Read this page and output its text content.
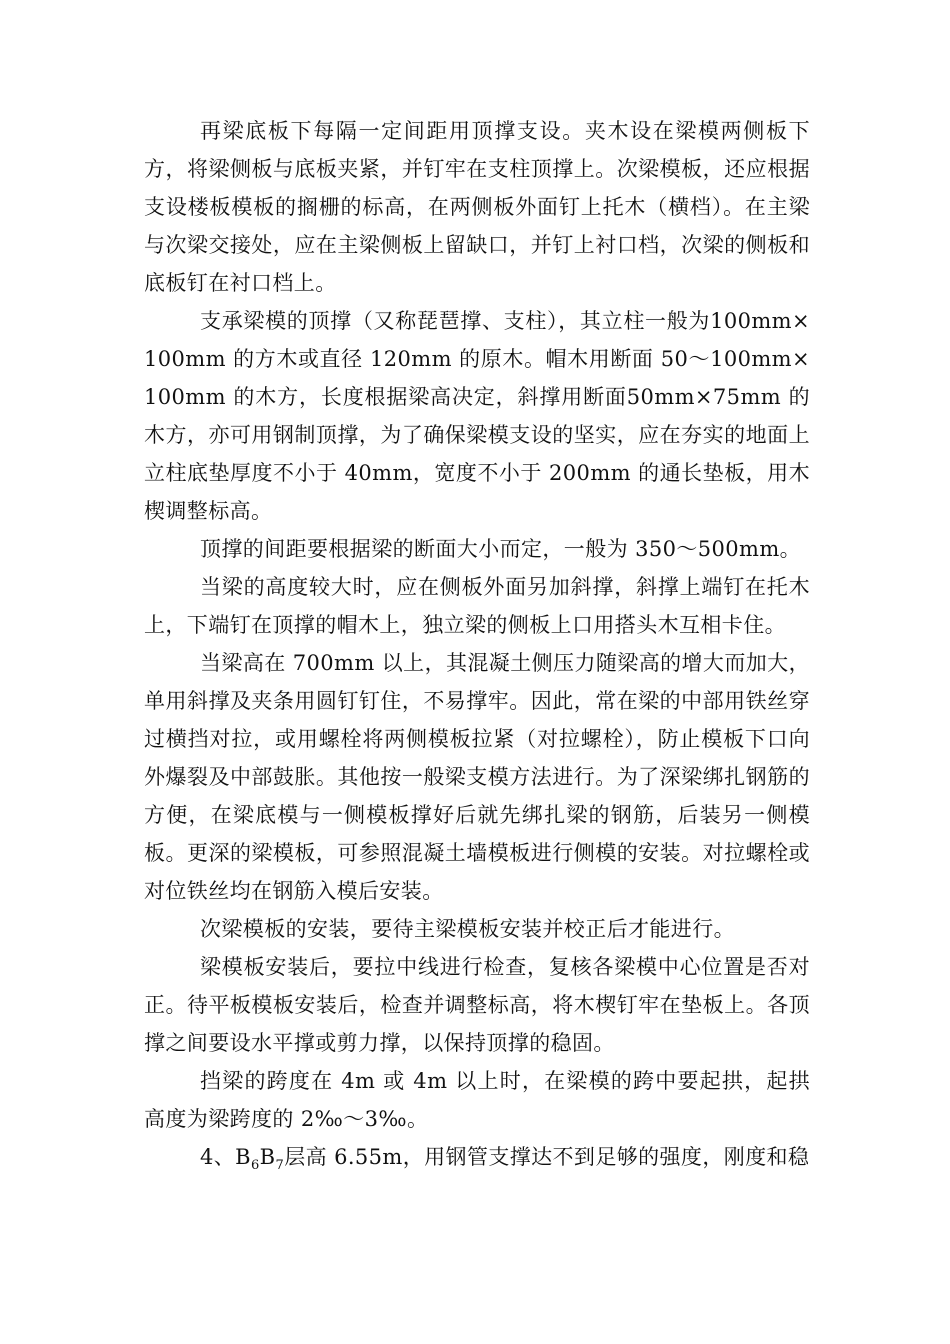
再梁底板下每隔一定间距用顶撑支设。夹木设在梁模两侧板下方，将梁侧板与底板夹紧，并钉牢在支柱顶撑上。次梁模板，还应根据支设楼板模板的搁栅的标高，在两侧板外面钉上托木（横档）。在主梁与次梁交接处，应在主梁侧板上留缺口，并钉上衬口档，次梁的侧板和底板钉在衬口档上。

支承梁模的顶撑（又称琵琶撑、支柱），其立柱一般为100mm×100mm 的方木或直径 120mm 的原木。帽木用断面 50～100mm×100mm 的木方，长度根据梁高决定，斜撑用断面50mm×75mm 的木方，亦可用钢制顶撑，为了确保梁模支设的坚实，应在夯实的地面上立柱底垫厚度不小于 40mm，宽度不小于 200mm 的通长垫板，用木楔调整标高。

顶撑的间距要根据梁的断面大小而定，一般为 350～500mm。

当梁的高度较大时，应在侧板外面另加斜撑，斜撑上端钉在托木上，下端钉在顶撑的帽木上，独立梁的侧板上口用搭头木互相卡住。

当梁高在 700mm 以上，其混凝土侧压力随梁高的增大而加大，单用斜撑及夹条用圆钉钉住，不易撑牢。因此，常在梁的中部用铁丝穿过横挡对拉，或用螺栓将两侧模板拉紧（对拉螺栓），防止模板下口向外爆裂及中部鼓胀。其他按一般梁支模方法进行。为了深梁绑扎钢筋的方便，在梁底模与一侧模板撑好后就先绑扎梁的钢筋，后装另一侧模板。更深的梁模板，可参照混凝土墙模板进行侧模的安装。对拉螺栓或对位铁丝均在钢筋入模后安装。

次梁模板的安装，要待主梁模板安装并校正后才能进行。

梁模板安装后，要拉中线进行检查，复核各梁模中心位置是否对正。待平板模板安装后，检查并调整标高，将木楔钉牢在垫板上。各顶撑之间要设水平撑或剪力撑，以保持顶撑的稳固。

挡梁的跨度在 4m 或 4m 以上时，在梁模的跨中要起拱，起拱高度为梁跨度的 2‰～3‰。

4、$B_6B_7$层高 6.55m，用钢管支撑达不到足够的强度，刚度和稳
